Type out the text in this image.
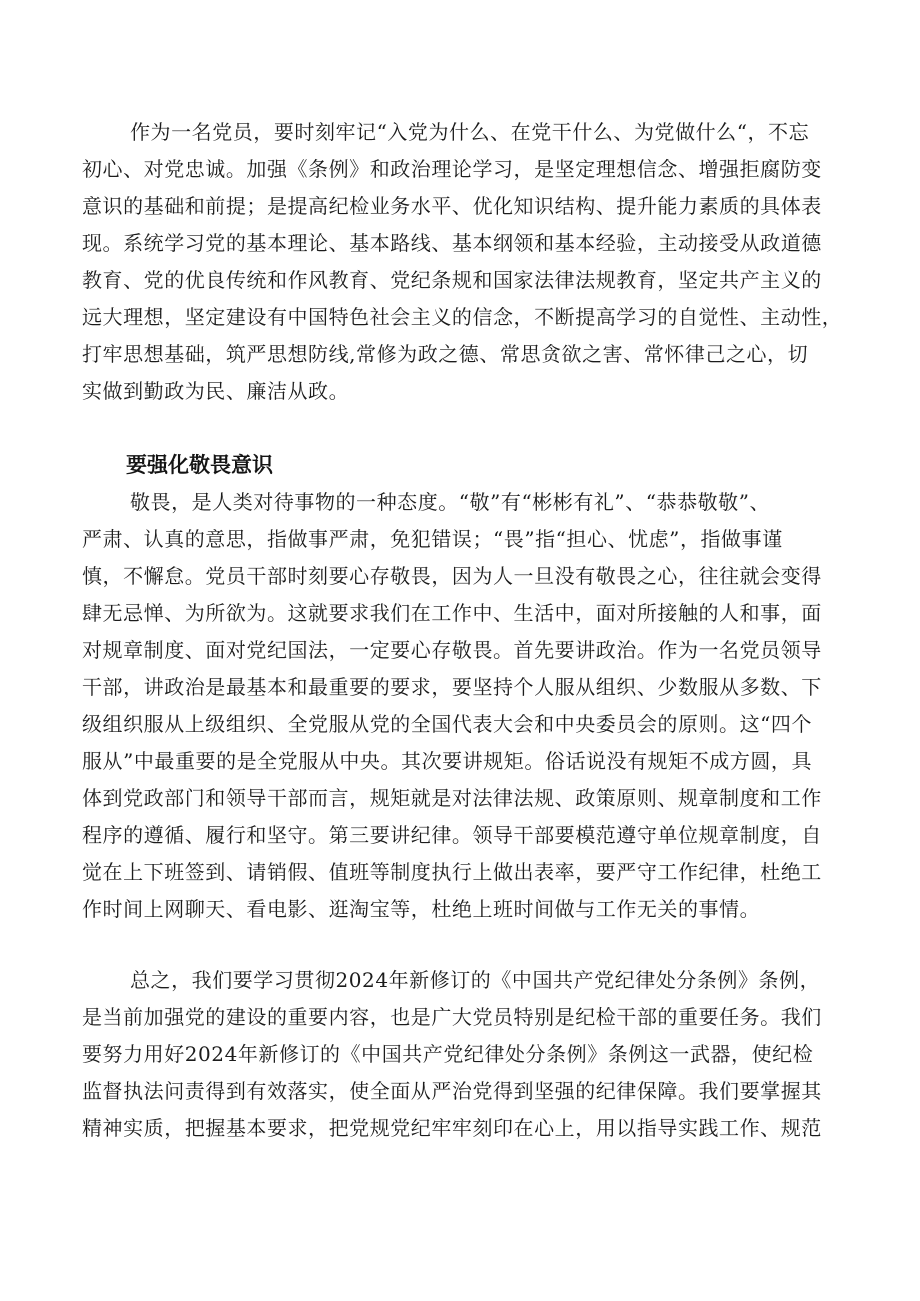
作为一名党员，要时刻牢记“入党为什么、在党干什么、为党做什么“，不忘
初心、对党忠诚。加强《条例》和政治理论学习，是坚定理想信念、增强拒腐防变
意识的基础和前提；是提高纪检业务水平、优化知识结构、提升能力素质的具体表
现。系统学习党的基本理论、基本路线、基本纲领和基本经验，主动接受从政道德
教育、党的优良传统和作风教育、党纪条规和国家法律法规教育，坚定共产主义的
远大理想，坚定建设有中国特色社会主义的信念，不断提高学习的自觉性、主动性，
打牢思想基础，筑严思想防线,常修为政之德、常思贪欲之害、常怀律己之心，切
实做到勤政为民、廉洁从政。
要强化敬畏意识
敬畏，是人类对待事物的一种态度。“敬”有“彬彬有礼”、“恭恭敬敬”、
严肃、认真的意思，指做事严肃，免犯错误；“畏”指“担心、忧虑”，指做事谨
慎，不懈怠。党员干部时刻要心存敬畏，因为人一旦没有敬畏之心，往往就会变得
肆无忌惮、为所欲为。这就要求我们在工作中、生活中，面对所接触的人和事，面
对规章制度、面对党纪国法，一定要心存敬畏。首先要讲政治。作为一名党员领导
干部，讲政治是最基本和最重要的要求，要坚持个人服从组织、少数服从多数、下
级组织服从上级组织、全党服从党的全国代表大会和中央委员会的原则。这“四个
服从”中最重要的是全党服从中央。其次要讲规矩。俗话说没有规矩不成方圆，具
体到党政部门和领导干部而言，规矩就是对法律法规、政策原则、规章制度和工作
程序的遵循、履行和坚守。第三要讲纪律。领导干部要模范遵守单位规章制度，自
觉在上下班签到、请销假、值班等制度执行上做出表率，要严守工作纪律，杜绝工
作时间上网聊天、看电影、逛淘宝等，杜绝上班时间做与工作无关的事情。
总之，我们要学习贯彻2024年新修订的《中国共产党纪律处分条例》条例，
是当前加强党的建设的重要内容，也是广大党员特别是纪检干部的重要任务。我们
要努力用好2024年新修订的《中国共产党纪律处分条例》条例这一武器，使纪检
监督执法问责得到有效落实，使全面从严治党得到坚强的纪律保障。我们要掌握其
精神实质，把握基本要求，把党规党纪牢牢刻印在心上，用以指导实践工作、规范
